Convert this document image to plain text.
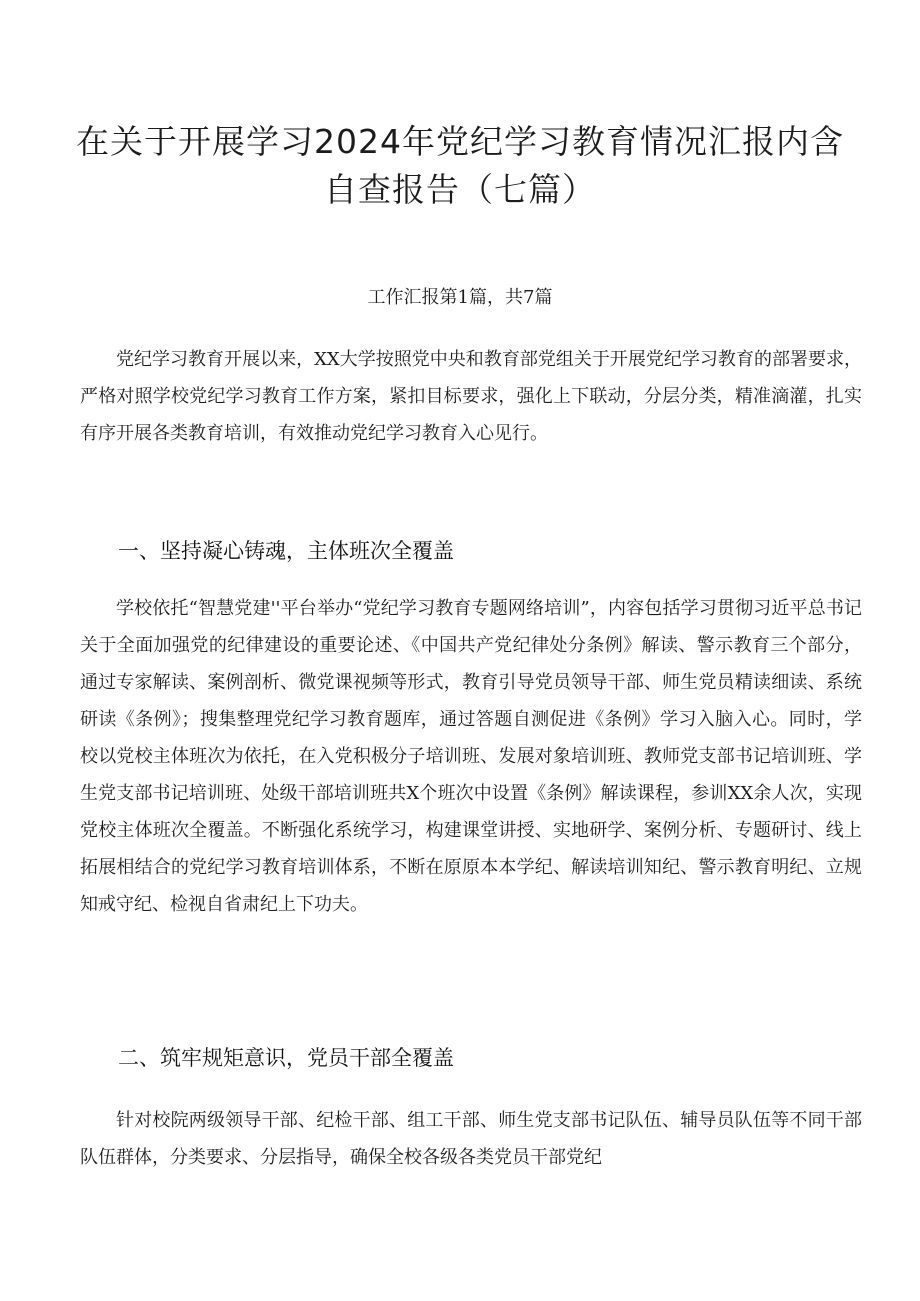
在关于开展学习2024年党纪学习教育情况汇报内含自查报告（七篇）
工作汇报第1篇，共7篇

党纪学习教育开展以来，XX大学按照党中央和教育部党组关于开展党纪学习教育的部署要求，严格对照学校党纪学习教育工作方案，紧扣目标要求，强化上下联动，分层分类，精准滴灌，扎实有序开展各类教育培训，有效推动党纪学习教育入心见行。

一、坚持凝心铸魂，主体班次全覆盖

学校依托“智慧党建''平台举办“党纪学习教育专题网络培训”，内容包括学习贯彻习近平总书记关于全面加强党的纪律建设的重要论述、《中国共产党纪律处分条例》解读、警示教育三个部分，通过专家解读、案例剖析、微党课视频等形式，教育引导党员领导干部、师生党员精读细读、系统研读《条例》；搜集整理党纪学习教育题库，通过答题自测促进《条例》学习入脑入心。同时，学校以党校主体班次为依托，在入党积极分子培训班、发展对象培训班、教师党支部书记培训班、学生党支部书记培训班、处级干部培训班共X个班次中设置《条例》解读课程，参训XX余人次，实现党校主体班次全覆盖。不断强化系统学习，构建课堂讲授、实地研学、案例分析、专题研讨、线上拓展相结合的党纪学习教育培训体系，不断在原原本本学纪、解读培训知纪、警示教育明纪、立规知戒守纪、检视自省肃纪上下功夫。

二、筑牢规矩意识，党员干部全覆盖

针对校院两级领导干部、纪检干部、组工干部、师生党支部书记队伍、辅导员队伍等不同干部队伍群体，分类要求、分层指导，确保全校各级各类党员干部党纪
